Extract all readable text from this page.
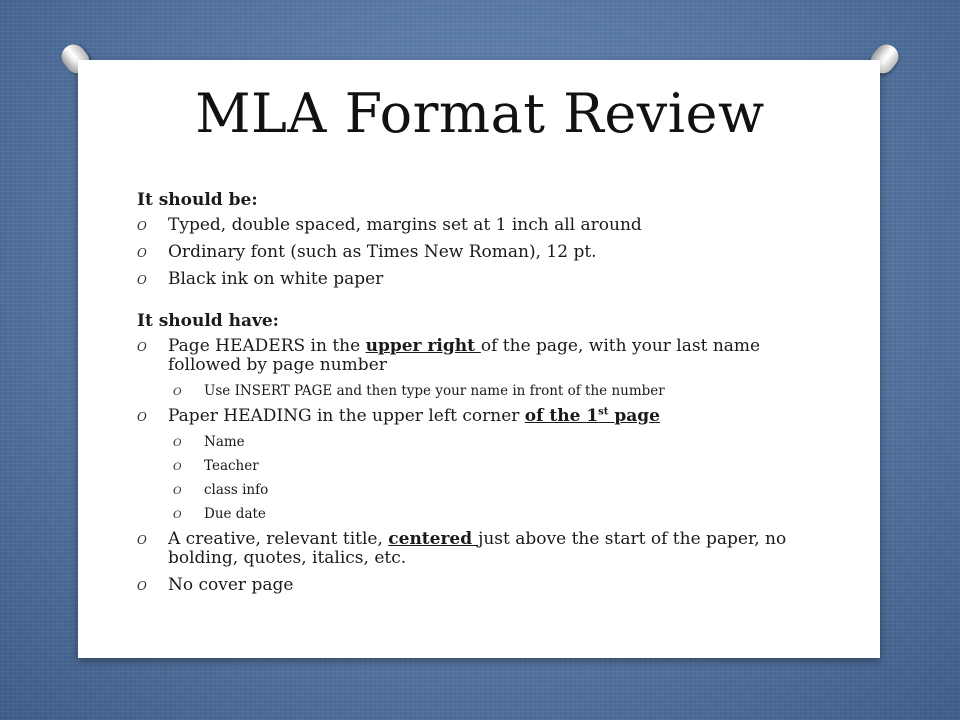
MLA Format Review

It should be:

O Typed, double spaced, margins set at 1 inch all around

O Ordinary font (such as Times New Roman), 12 pt.

O Black ink on white paper

It should have:

O Page HEADERS in the upper right of the page, with your last name followed by page number

O Use INSERT PAGE and then type your name in front of the number

O Paper HEADING in the upper left corner of the 1st page

O Name

O Teacher

O class info

O Due date

O A creative, relevant title, centered just above the start of the paper, no bolding, quotes, italics, etc.

O No cover page
